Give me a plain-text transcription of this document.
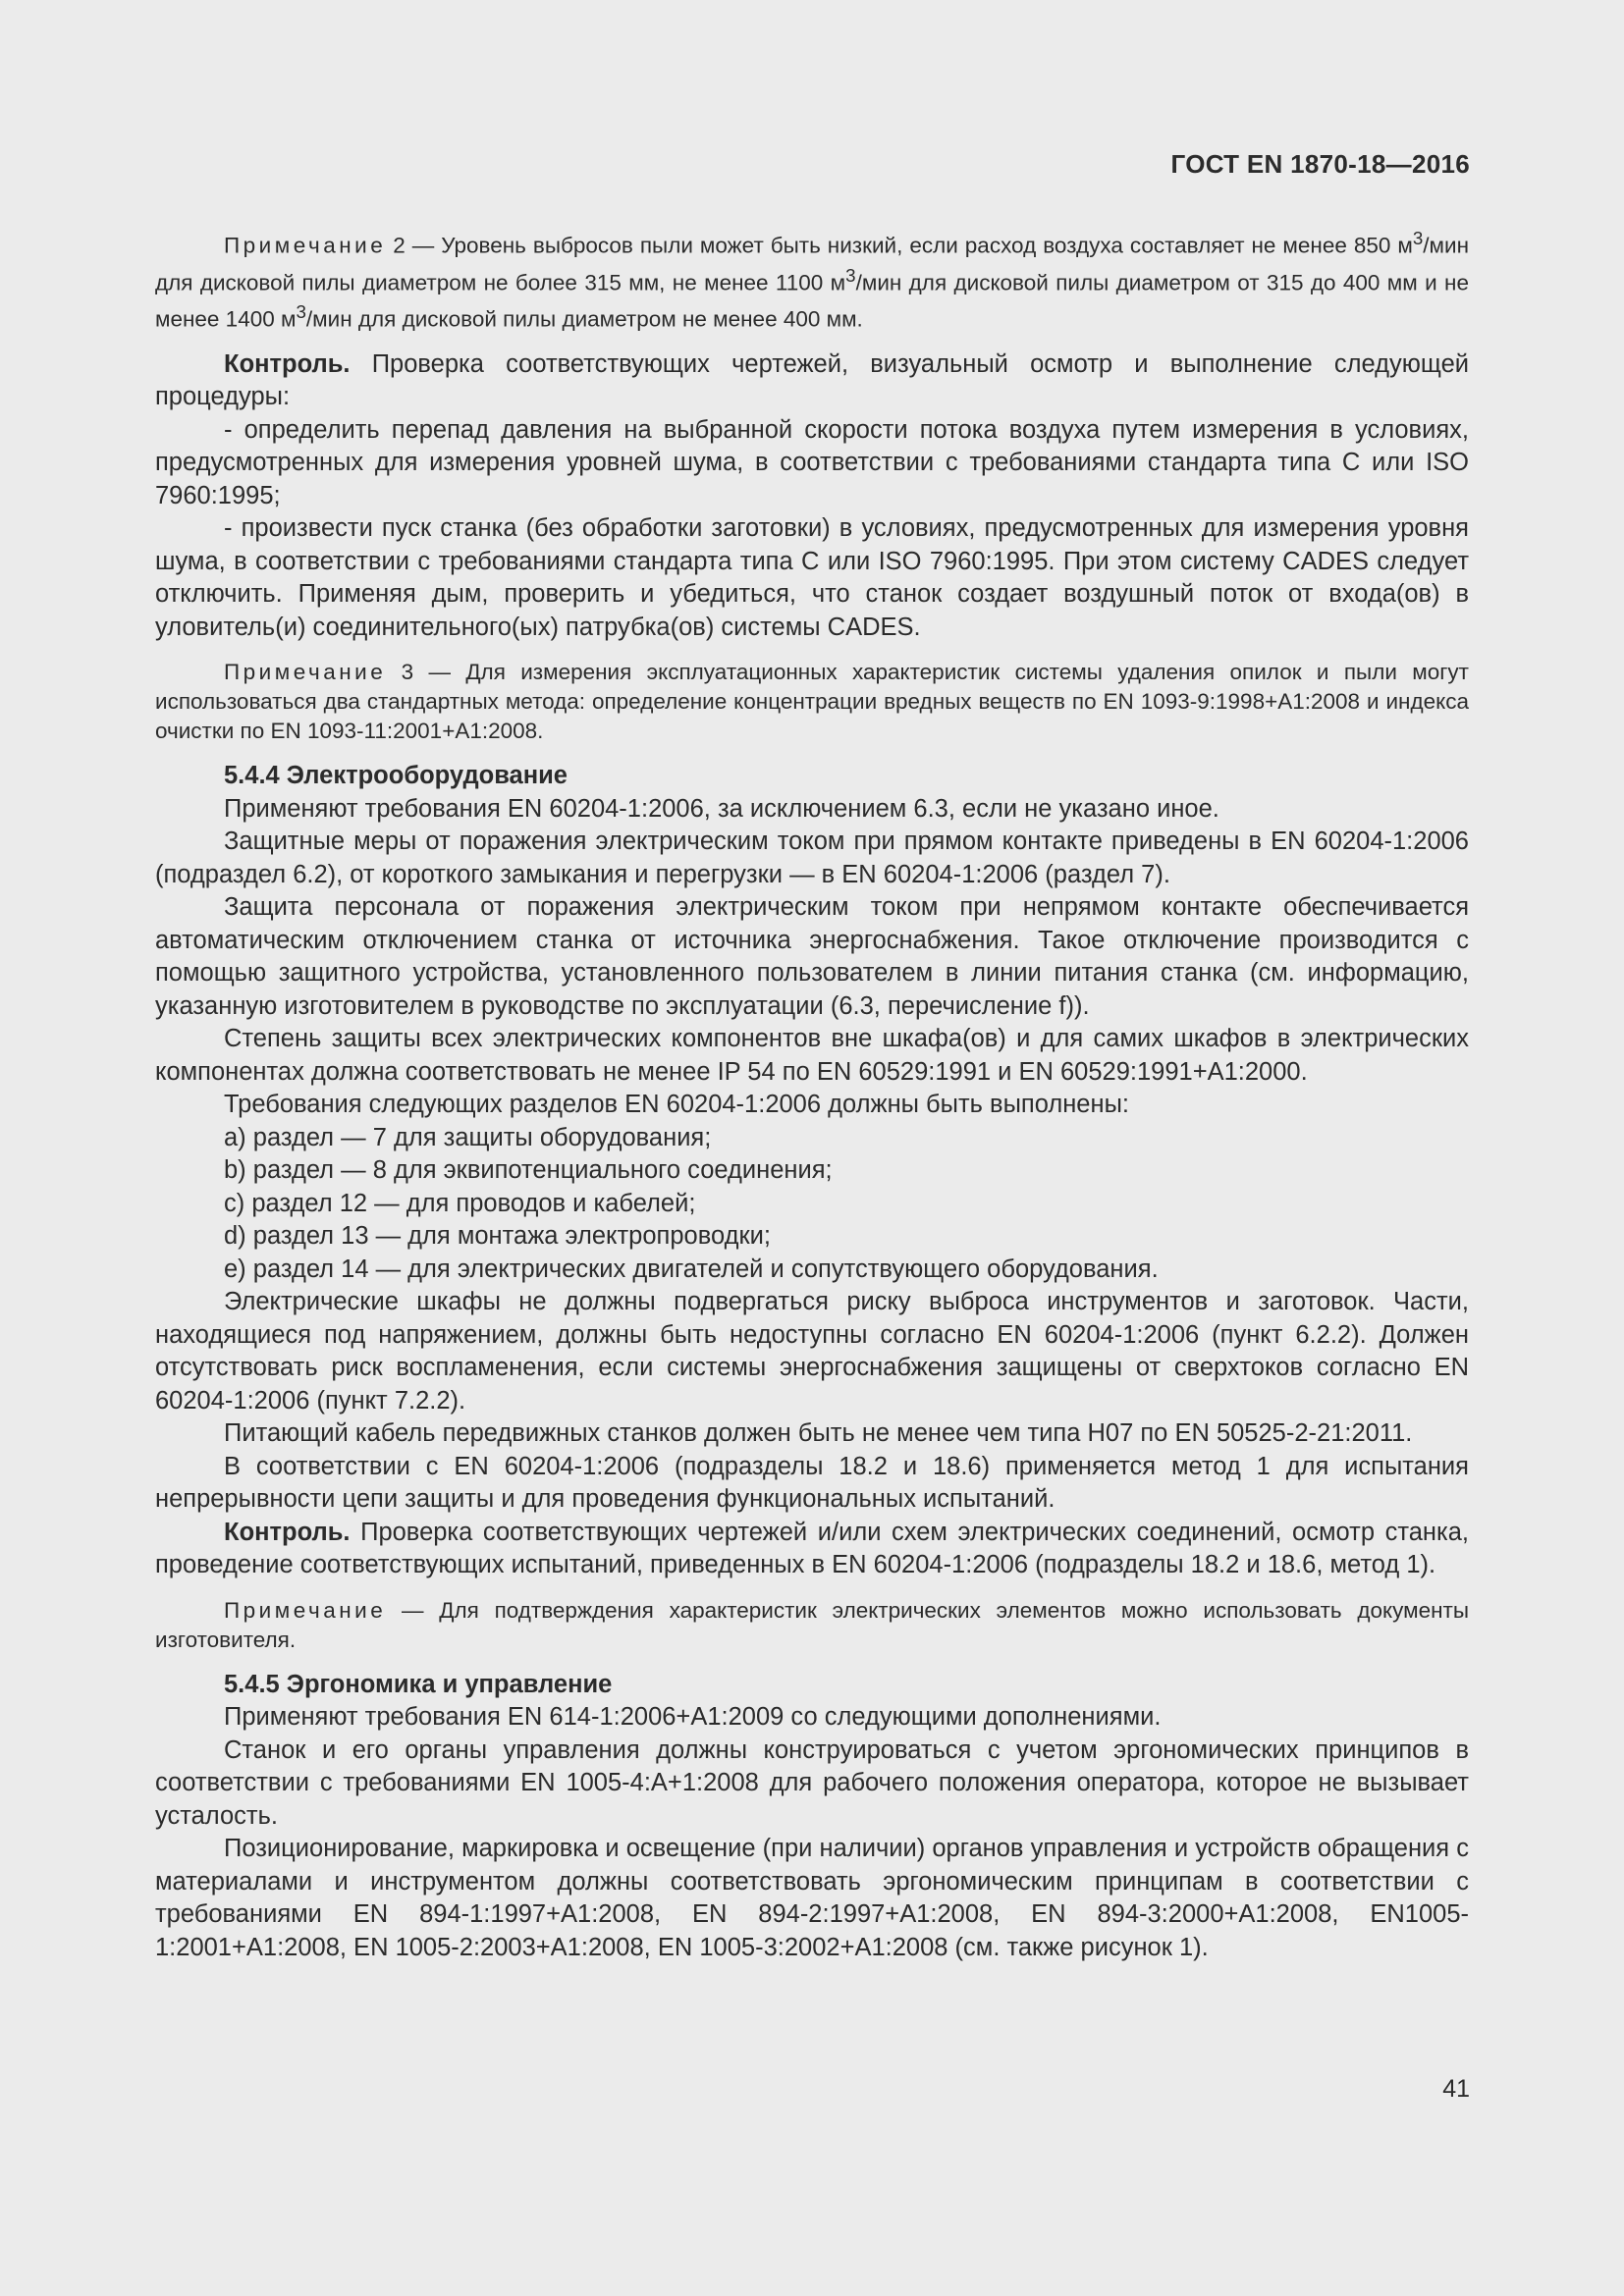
ГОСТ EN 1870-18—2016

Примечание 2 — Уровень выбросов пыли может быть низкий, если расход воздуха составляет не менее 850 $м^3$/мин для дисковой пилы диаметром не более 315 мм, не менее 1100 $м^3$/мин для дисковой пилы диаметром от 315 до 400 мм и не менее 1400 $м^3$/мин для дисковой пилы диаметром не менее 400 мм.

Контроль. Проверка соответствующих чертежей, визуальный осмотр и выполнение следующей процедуры:

- определить перепад давления на выбранной скорости потока воздуха путем измерения в условиях, предусмотренных для измерения уровней шума, в соответствии с требованиями стандарта типа C или ISO 7960:1995;

- произвести пуск станка (без обработки заготовки) в условиях, предусмотренных для измерения уровня шума, в соответствии с требованиями стандарта типа C или ISO 7960:1995. При этом систему CADES следует отключить. Применяя дым, проверить и убедиться, что станок создает воздушный поток от входа(ов) в уловитель(и) соединительного(ых) патрубка(ов) системы CADES.

Примечание 3 — Для измерения эксплуатационных характеристик системы удаления опилок и пыли могут использоваться два стандартных метода: определение концентрации вредных веществ по EN 1093-9:1998+A1:2008 и индекса очистки по EN 1093-11:2001+A1:2008.

5.4.4 Электрооборудование

Применяют требования EN 60204-1:2006, за исключением 6.3, если не указано иное.

Защитные меры от поражения электрическим током при прямом контакте приведены в EN 60204-1:2006 (подраздел 6.2), от короткого замыкания и перегрузки — в EN 60204-1:2006 (раздел 7).

Защита персонала от поражения электрическим током при непрямом контакте обеспечивается автоматическим отключением станка от источника энергоснабжения. Такое отключение производится с помощью защитного устройства, установленного пользователем в линии питания станка (см. информацию, указанную изготовителем в руководстве по эксплуатации (6.3, перечисление f)).

Степень защиты всех электрических компонентов вне шкафа(ов) и для самих шкафов в электрических компонентах должна соответствовать не менее IP 54 по EN 60529:1991 и EN 60529:1991+A1:2000.

Требования следующих разделов EN 60204-1:2006 должны быть выполнены:

a) раздел — 7 для защиты оборудования;

b) раздел — 8 для эквипотенциального соединения;

c) раздел 12 — для проводов и кабелей;

d) раздел 13 — для монтажа электропроводки;

e) раздел 14 — для электрических двигателей и сопутствующего оборудования.

Электрические шкафы не должны подвергаться риску выброса инструментов и заготовок. Части, находящиеся под напряжением, должны быть недоступны согласно EN 60204-1:2006 (пункт 6.2.2). Должен отсутствовать риск воспламенения, если системы энергоснабжения защищены от сверхтоков согласно EN 60204-1:2006 (пункт 7.2.2).

Питающий кабель передвижных станков должен быть не менее чем типа H07 по EN 50525-2-21:2011.

В соответствии с EN 60204-1:2006 (подразделы 18.2 и 18.6) применяется метод 1 для испытания непрерывности цепи защиты и для проведения функциональных испытаний.

Контроль. Проверка соответствующих чертежей и/или схем электрических соединений, осмотр станка, проведение соответствующих испытаний, приведенных в EN 60204-1:2006 (подразделы 18.2 и 18.6, метод 1).

Примечание — Для подтверждения характеристик электрических элементов можно использовать документы изготовителя.

5.4.5 Эргономика и управление

Применяют требования EN 614-1:2006+A1:2009 со следующими дополнениями.

Станок и его органы управления должны конструироваться с учетом эргономических принципов в соответствии с требованиями EN 1005-4:A+1:2008 для рабочего положения оператора, которое не вызывает усталость.

Позиционирование, маркировка и освещение (при наличии) органов управления и устройств обращения с материалами и инструментом должны соответствовать эргономическим принципам в соответствии с требованиями EN 894-1:1997+A1:2008, EN 894-2:1997+A1:2008, EN 894-3:2000+A1:2008, EN1005-1:2001+A1:2008, EN 1005-2:2003+A1:2008, EN 1005-3:2002+A1:2008 (см. также рисунок 1).

41
